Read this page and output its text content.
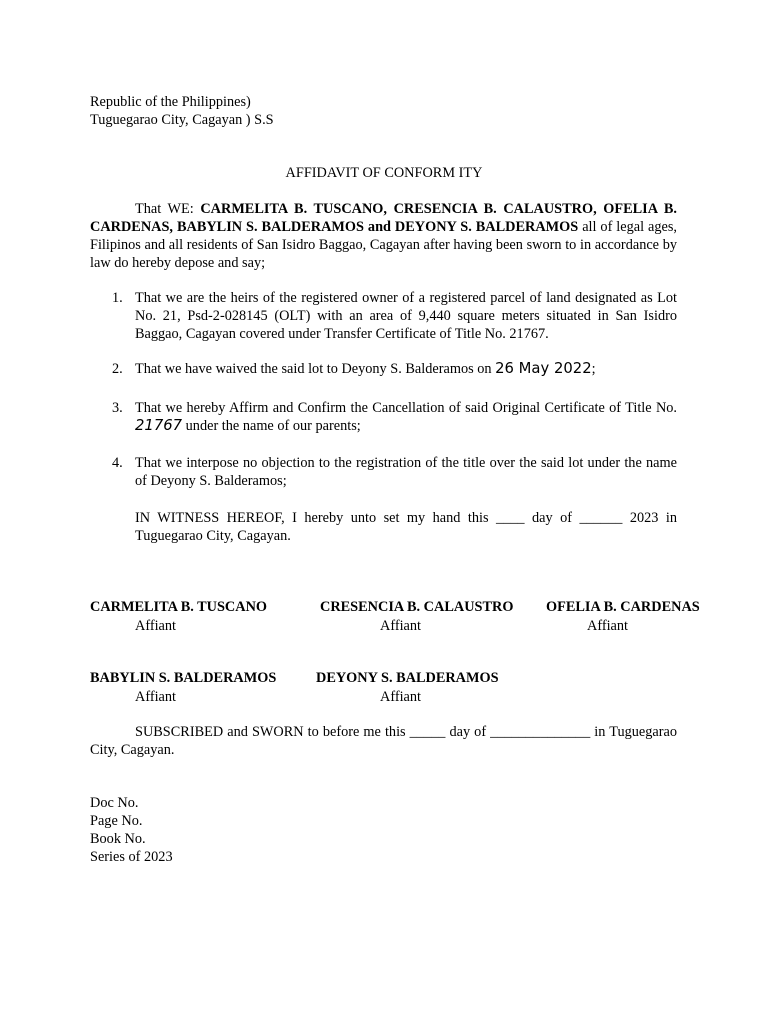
Republic of the Philippines)
Tuguegarao City, Cagayan ) S.S
AFFIDAVIT OF CONFORM ITY
That WE: CARMELITA B. TUSCANO, CRESENCIA B. CALAUSTRO, OFELIA B. CARDENAS, BABYLIN S. BALDERAMOS and DEYONY S. BALDERAMOS all of legal ages, Filipinos and all residents of San Isidro Baggao, Cagayan after having been sworn to in accordance by law do hereby depose and say;
1. That we are the heirs of the registered owner of a registered parcel of land designated as Lot No. 21, Psd-2-028145 (OLT) with an area of 9,440 square meters situated in San Isidro Baggao, Cagayan covered under Transfer Certificate of Title No. 21767.
2. That we have waived the said lot to Deyony S. Balderamos on 26 May 2022;
3. That we hereby Affirm and Confirm the Cancellation of said Original Certificate of Title No. 21767 under the name of our parents;
4. That we interpose no objection to the registration of the title over the said lot under the name of Deyony S. Balderamos;
IN WITNESS HEREOF, I hereby unto set my hand this ____ day of ______ 2023 in Tuguegarao City, Cagayan.
CARMELITA B. TUSCANO
Affiant
CRESENCIA B. CALAUSTRO
Affiant
OFELIA B. CARDENAS
Affiant
BABYLIN S. BALDERAMOS
Affiant
DEYONY S. BALDERAMOS
Affiant
SUBSCRIBED and SWORN to before me this _____ day of ______________ in Tuguegarao City, Cagayan.
Doc No.
Page No.
Book No.
Series of 2023
